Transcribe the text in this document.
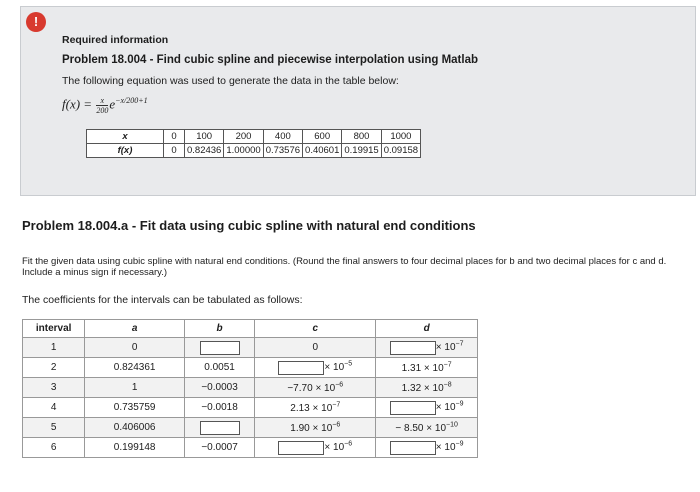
!
Required information
Problem 18.004 - Find cubic spline and piecewise interpolation using Matlab
The following equation was used to generate the data in the table below:
$f(x) = \frac{x}{200} e^{-x/200+1}$
x	0	100	200	400	600	800	1000
f(x)	0	0.82436	1.00000	0.73576	0.40601	0.19915	0.09158
Problem 18.004.a - Fit data using cubic spline with natural end conditions
Fit the given data using cubic spline with natural end conditions. (Round the final answers to four decimal places for b and two decimal places for c and d. Include a minus sign if necessary.)
The coefficients for the intervals can be tabulated as follows:
interval	a	b	c	d
1	0		0	× $10^{-7}$
2	0.824361	0.0051	× $10^{-5}$	$1.31 \times 10^{-7}$
3	1	−0.0003	$-7.70 \times 10^{-6}$	$1.32 \times 10^{-8}$
4	0.735759	−0.0018	$2.13 \times 10^{-7}$	× $10^{-9}$
5	0.406006		$1.90 \times 10^{-6}$	− $8.50 \times 10^{-10}$
6	0.199148	−0.0007	× $10^{-6}$	× $10^{-9}$
